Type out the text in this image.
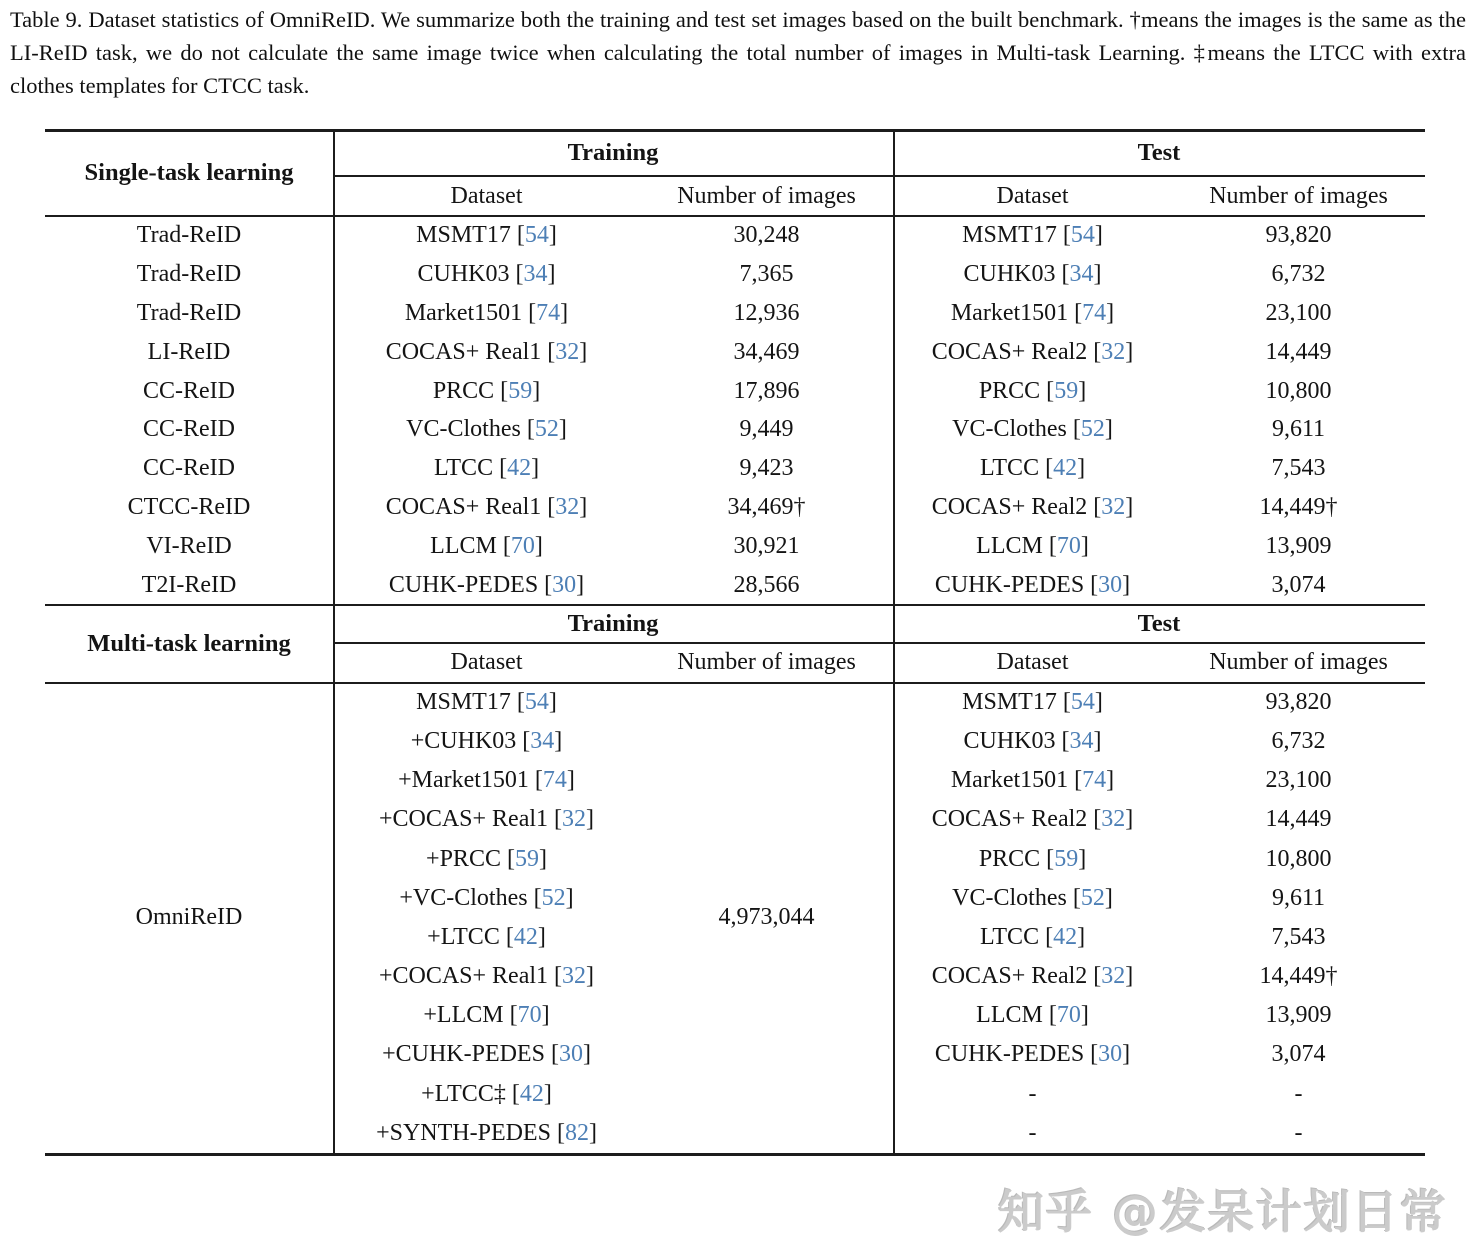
Table 9. Dataset statistics of OmniReID. We summarize both the training and test set images based on the built benchmark. †means the images is the same as the LI-ReID task, we do not calculate the same image twice when calculating the total number of images in Multi-task Learning. ‡means the LTCC with extra clothes templates for CTCC task.
Single-task learning
Training	Test
Dataset	Number of images	Dataset	Number of images
Trad-ReID	MSMT17 [ 54 ]	30,248	MSMT17 [ 54 ]	93,820
Trad-ReID	CUHK03 [ 34 ]	7,365	CUHK03 [ 34 ]	6,732
Trad-ReID	Market1501 [ 74 ]	12,936	Market1501 [ 74 ]	23,100
LI-ReID	COCAS+ Real1 [ 32 ]	34,469	COCAS+ Real2 [ 32 ]	14,449
CC-ReID	PRCC [ 59 ]	17,896	PRCC [ 59 ]	10,800
CC-ReID	VC-Clothes [ 52 ]	9,449	VC-Clothes [ 52 ]	9,611
CC-ReID	LTCC [ 42 ]	9,423	LTCC [ 42 ]	7,543
CTCC-ReID	COCAS+ Real1 [ 32 ]	34,469†	COCAS+ Real2 [ 32 ]	14,449†
VI-ReID	LLCM [ 70 ]	30,921	LLCM [ 70 ]	13,909
T2I-ReID	CUHK-PEDES [ 30 ]	28,566	CUHK-PEDES [ 30 ]	3,074
Multi-task learning
Training	Test
Dataset	Number of images	Dataset	Number of images
OmniReID	4,973,044
MSMT17 [ 54 ]	MSMT17 [ 54 ]	93,820
+CUHK03 [ 34 ]	CUHK03 [ 34 ]	6,732
+Market1501 [ 74 ]	Market1501 [ 74 ]	23,100
+COCAS+ Real1 [ 32 ]	COCAS+ Real2 [ 32 ]	14,449
+PRCC [ 59 ]	PRCC [ 59 ]	10,800
+VC-Clothes [ 52 ]	VC-Clothes [ 52 ]	9,611
+LTCC [ 42 ]	LTCC [ 42 ]	7,543
+COCAS+ Real1 [ 32 ]	COCAS+ Real2 [ 32 ]	14,449†
+LLCM [ 70 ]	LLCM [ 70 ]	13,909
+CUHK-PEDES [ 30 ]	CUHK-PEDES [ 30 ]	3,074
+LTCC‡ [ 42 ]	-	-
+SYNTH-PEDES [ 82 ]	-	-
知乎 @发呆计划日常
